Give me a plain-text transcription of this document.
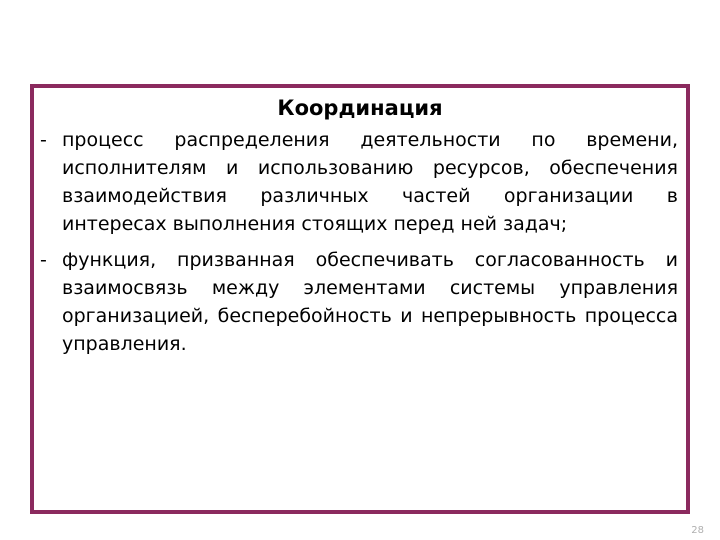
Координация
- процесс распределения деятельности по времени, исполнителям и использованию ресурсов, обеспечения взаимодействия различных частей организации в интересах выполнения стоящих перед ней задач;
- функция, призванная обеспечивать согласованность и взаимосвязь между элементами системы управления организацией, бесперебойность и непрерывность процесса управления.
28
